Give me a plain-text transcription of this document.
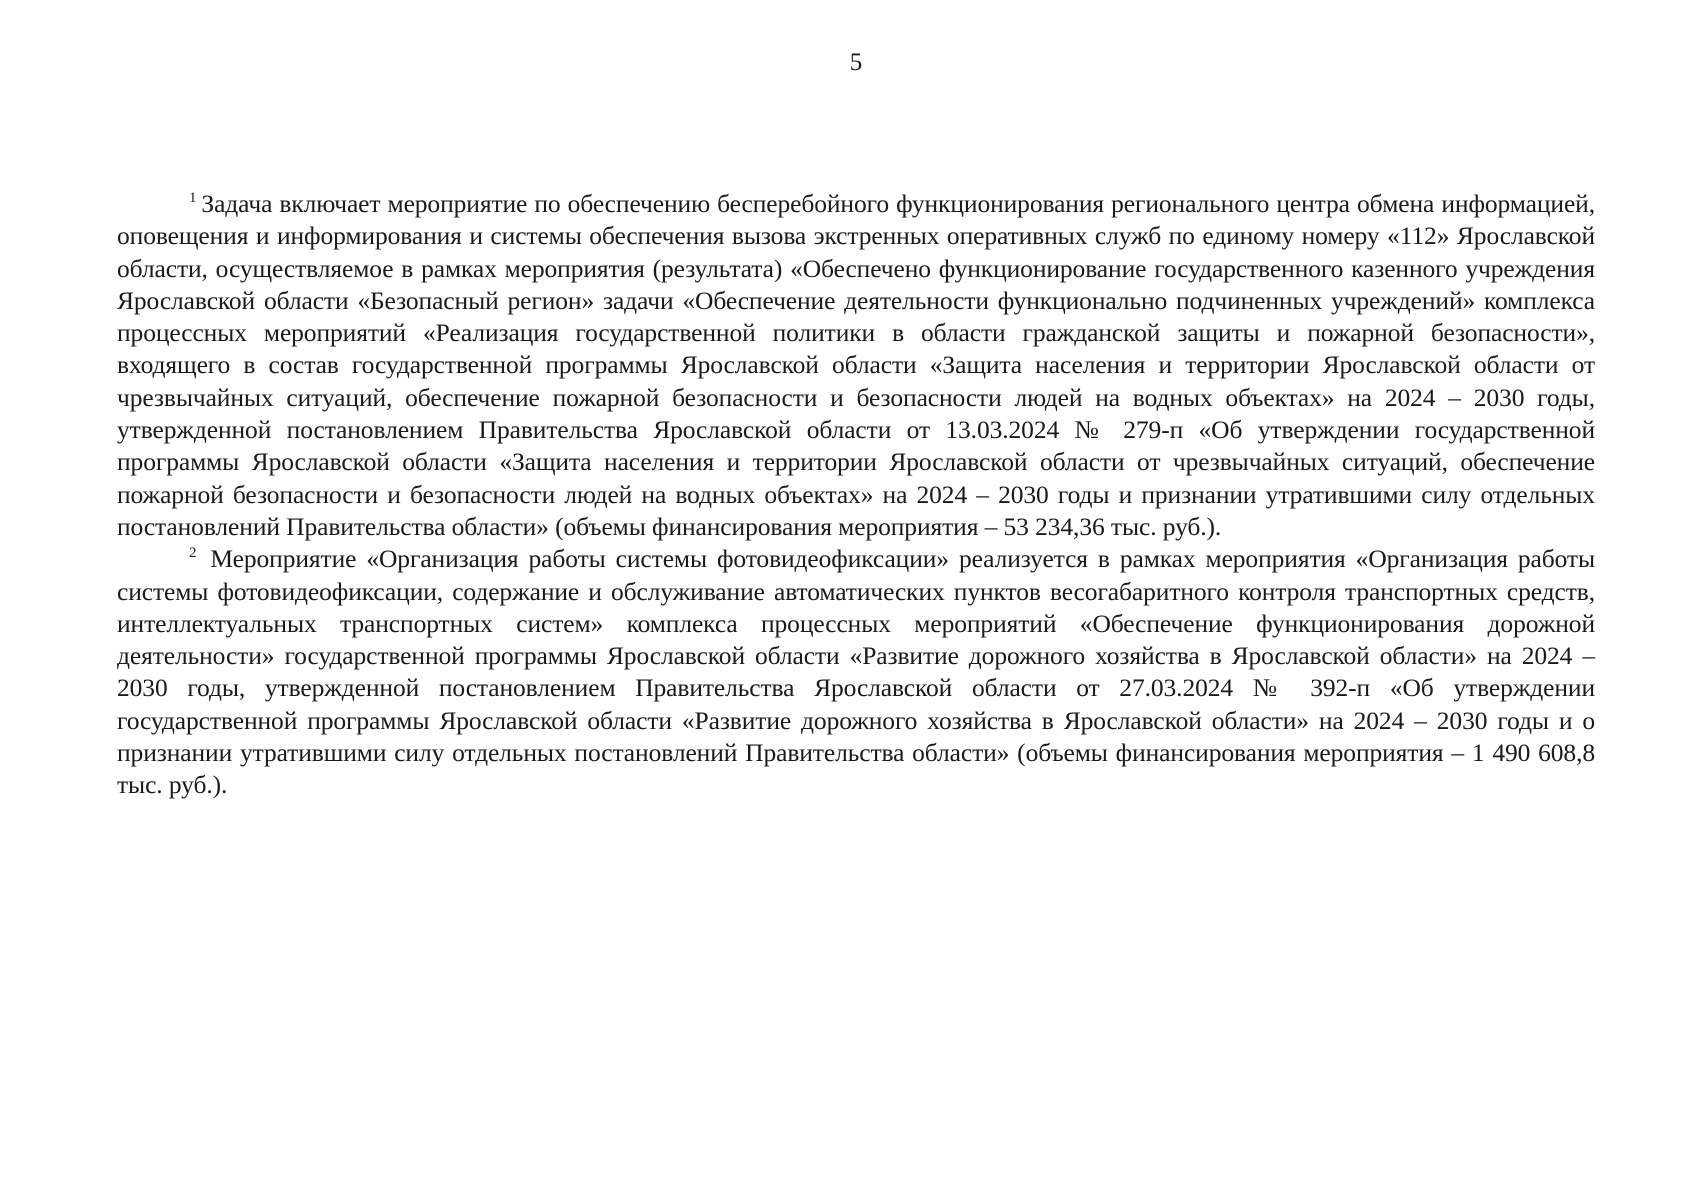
5

$^1$ Задача включает мероприятие по обеспечению бесперебойного функционирования регионального центра обмена информацией, оповещения и информирования и системы обеспечения вызова экстренных оперативных служб по единому номеру «112» Ярославской области, осуществляемое в рамках мероприятия (результата) «Обеспечено функционирование государственного казенного учреждения Ярославской области «Безопасный регион» задачи «Обеспечение деятельности функционально подчиненных учреждений» комплекса процессных мероприятий «Реализация государственной политики в области гражданской защиты и пожарной безопасности», входящего в состав государственной программы Ярославской области «Защита населения и территории Ярославской области от чрезвычайных ситуаций, обеспечение пожарной безопасности и безопасности людей на водных объектах» на 2024 – 2030 годы, утвержденной постановлением Правительства Ярославской области от 13.03.2024 № 279-п «Об утверждении государственной программы Ярославской области «Защита населения и территории Ярославской области от чрезвычайных ситуаций, обеспечение пожарной безопасности и безопасности людей на водных объектах» на 2024 – 2030 годы и признании утратившими силу отдельных постановлений Правительства области» (объемы финансирования мероприятия – 53 234,36 тыс. руб.).

$^2$ Мероприятие «Организация работы системы фотовидеофиксации» реализуется в рамках мероприятия «Организация работы системы фотовидеофиксации, содержание и обслуживание автоматических пунктов весогабаритного контроля транспортных средств, интеллектуальных транспортных систем» комплекса процессных мероприятий «Обеспечение функционирования дорожной деятельности» государственной программы Ярославской области «Развитие дорожного хозяйства в Ярославской области» на 2024 – 2030 годы, утвержденной постановлением Правительства Ярославской области от 27.03.2024 № 392-п «Об утверждении государственной программы Ярославской области «Развитие дорожного хозяйства в Ярославской области» на 2024 – 2030 годы и о признании утратившими силу отдельных постановлений Правительства области» (объемы финансирования мероприятия – 1 490 608,8 тыс. руб.).
